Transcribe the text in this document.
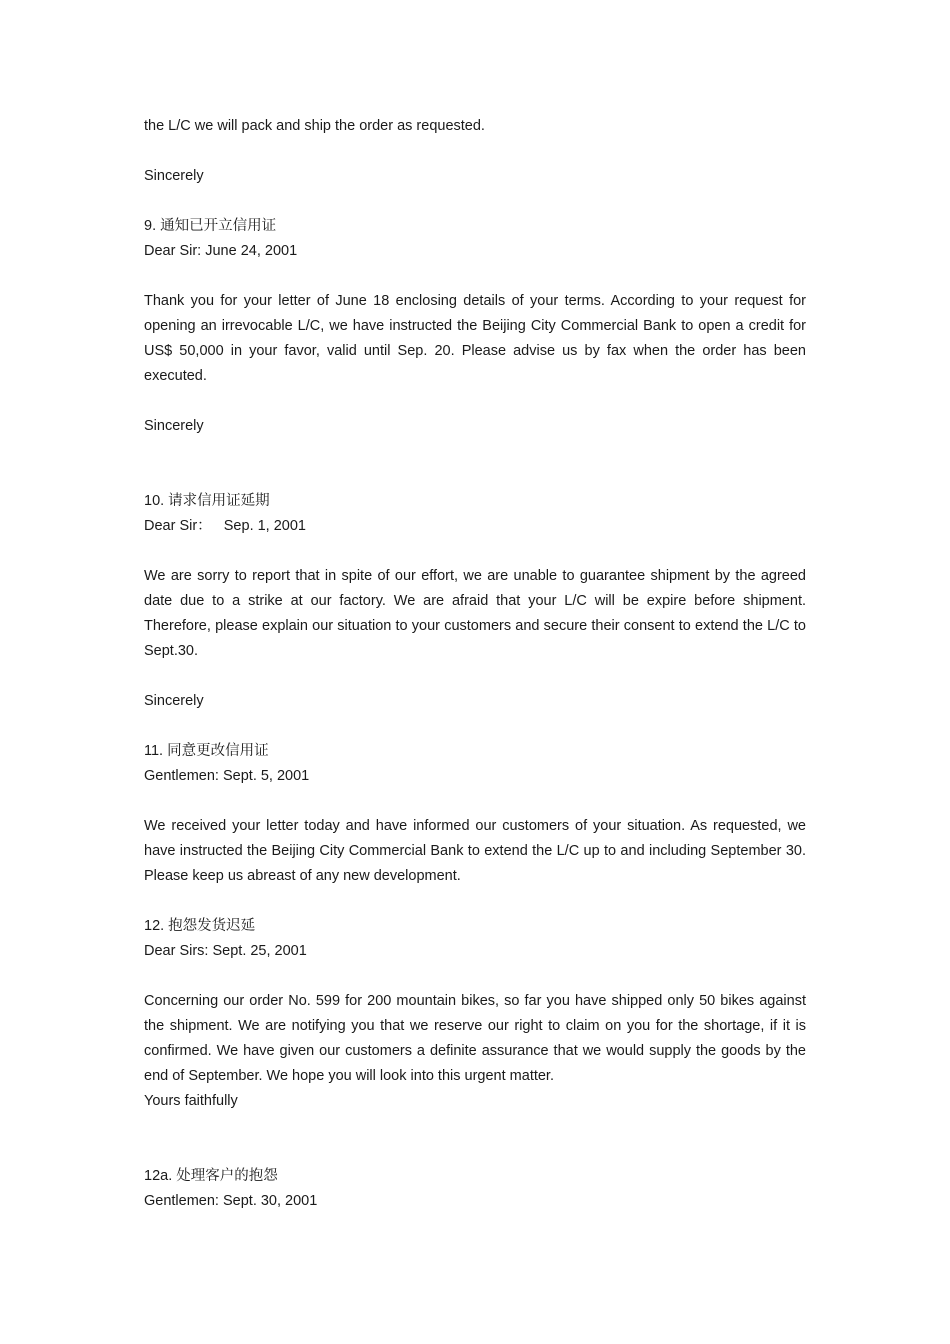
the L/C we will pack and ship the order as requested.
Sincerely
9. 通知已开立信用证
Dear Sir: June 24, 2001
Thank you for your letter of June 18 enclosing details of your terms. According to your request for opening an irrevocable L/C, we have instructed the Beijing City Commercial Bank to open a credit for US$ 50,000 in your favor, valid until Sep. 20. Please advise us by fax when the order has been executed.
Sincerely
10. 请求信用证延期
Dear Sir：   Sep. 1, 2001
We are sorry to report that in spite of our effort, we are unable to guarantee shipment by the agreed date due to a strike at our factory. We are afraid that your L/C will be expire before shipment. Therefore, please explain our situation to your customers and secure their consent to extend the L/C to Sept.30.
Sincerely
11. 同意更改信用证
Gentlemen: Sept. 5, 2001
We received your letter today and have informed our customers of your situation. As requested, we have instructed the Beijing City Commercial Bank to extend the L/C up to and including September 30. Please keep us abreast of any new development.
12. 抱怨发货迟延
Dear Sirs: Sept. 25, 2001
Concerning our order No. 599 for 200 mountain bikes, so far you have shipped only 50 bikes against the shipment. We are notifying you that we reserve our right to claim on you for the shortage, if it is confirmed. We have given our customers a definite assurance that we would supply the goods by the end of September. We hope you will look into this urgent matter.
Yours faithfully
12a. 处理客户的抱怨
Gentlemen: Sept. 30, 2001
